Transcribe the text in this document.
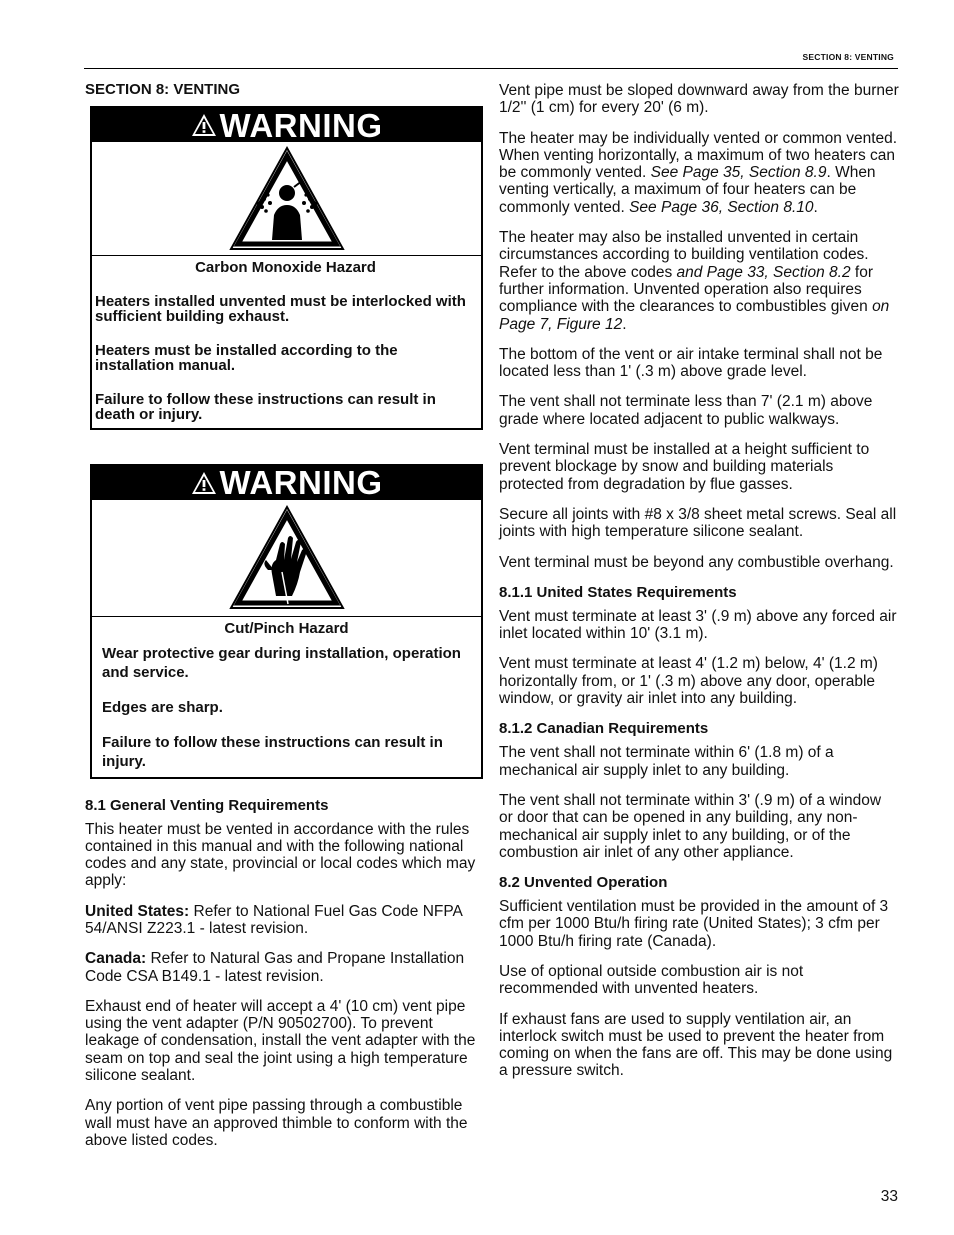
SECTION 8: VENTING
SECTION 8: VENTING
WARNING
Carbon Monoxide Hazard

Heaters installed unvented must be interlocked with sufficient building exhaust.

Heaters must be installed according to the installation manual.

Failure to follow these instructions can result in death or injury.

WARNING
Cut/Pinch Hazard

Wear protective gear during installation, operation and service.

Edges are sharp.

Failure to follow these instructions can result in injury.

8.1 General Venting Requirements
This heater must be vented in accordance with the rules contained in this manual and with the following national codes and any state, provincial or local codes which may apply:
United States: Refer to National Fuel Gas Code NFPA 54/ANSI Z223.1 - latest revision.
Canada: Refer to Natural Gas and Propane Installation Code CSA B149.1 - latest revision.
Exhaust end of heater will accept a 4' (10 cm) vent pipe using the vent adapter (P/N 90502700). To prevent leakage of condensation, install the vent adapter with the seam on top and seal the joint using a high temperature silicone sealant.
Any portion of vent pipe passing through a combustible wall must have an approved thimble to conform with the above listed codes.
Vent pipe must be sloped downward away from the burner 1/2'' (1 cm) for every 20' (6 m).
The heater may be individually vented or common vented. When venting horizontally, a maximum of two heaters can be commonly vented. See Page 35, Section 8.9. When venting vertically, a maximum of four heaters can be commonly vented. See Page 36, Section 8.10.
The heater may also be installed unvented in certain circumstances according to building ventilation codes. Refer to the above codes and Page 33, Section 8.2 for further information. Unvented operation also requires compliance with the clearances to combustibles given on Page 7, Figure 12.
The bottom of the vent or air intake terminal shall not be located less than 1' (.3 m) above grade level.
The vent shall not terminate less than 7' (2.1 m) above grade where located adjacent to public walkways.
Vent terminal must be installed at a height sufficient to prevent blockage by snow and building materials protected from degradation by flue gasses.
Secure all joints with #8 x 3/8 sheet metal screws. Seal all joints with high temperature silicone sealant.
Vent terminal must be beyond any combustible overhang.
8.1.1 United States Requirements
Vent must terminate at least 3' (.9 m) above any forced air inlet located within 10' (3.1 m).
Vent must terminate at least 4' (1.2 m) below, 4' (1.2 m) horizontally from, or 1' (.3 m) above any door, operable window, or gravity air inlet into any building.
8.1.2 Canadian Requirements
The vent shall not terminate within 6' (1.8 m) of a mechanical air supply inlet to any building.
The vent shall not terminate within 3' (.9 m) of a window or door that can be opened in any building, any non-mechanical air supply inlet to any building, or of the combustion air inlet of any other appliance.
8.2 Unvented Operation
Sufficient ventilation must be provided in the amount of 3 cfm per 1000 Btu/h firing rate (United States); 3 cfm per 1000 Btu/h firing rate (Canada).
Use of optional outside combustion air is not recommended with unvented heaters.
If exhaust fans are used to supply ventilation air, an interlock switch must be used to prevent the heater from coming on when the fans are off. This may be done using a pressure switch.
33
